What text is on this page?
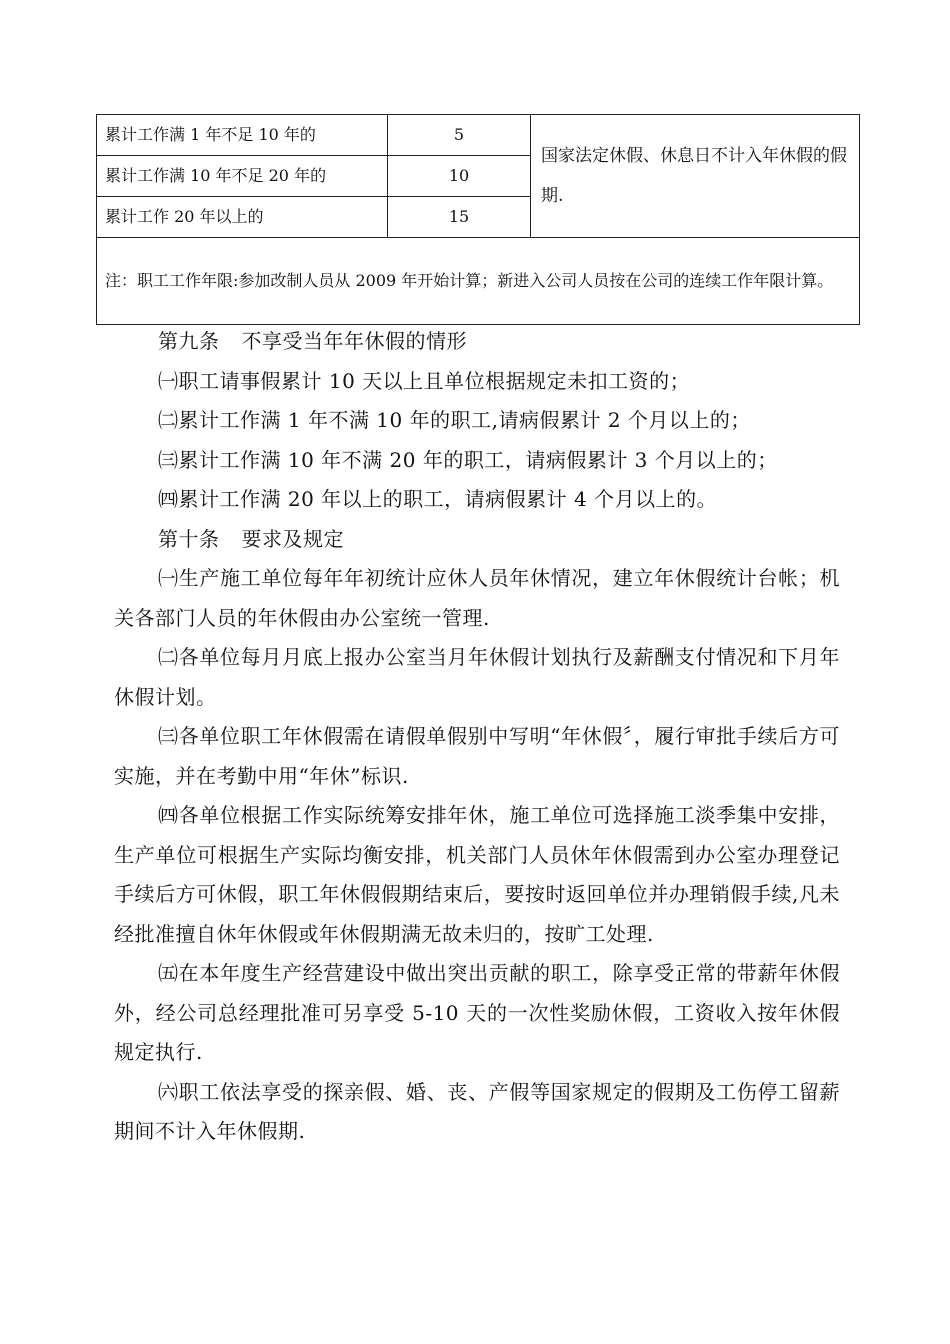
累计工作满 1 年不足 10 年的	5	国家法定休假、休息日不计入年休假的假期.
累计工作满 10 年不足 20 年的	10	
累计工作 20 年以上的	15	
注：职工工作年限:参加改制人员从 2009 年开始计算；新进入公司人员按在公司的连续工作年限计算。		

第九条 不享受当年年休假的情形

㈠职工请事假累计 10 天以上且单位根据规定未扣工资的；

㈡累计工作满 1 年不满 10 年的职工,请病假累计 2 个月以上的；

㈢累计工作满 10 年不满 20 年的职工，请病假累计 3 个月以上的；

㈣累计工作满 20 年以上的职工，请病假累计 4 个月以上的。

第十条 要求及规定

㈠生产施工单位每年年初统计应休人员年休情况，建立年休假统计台帐；机关各部门人员的年休假由办公室统一管理.

㈡各单位每月月底上报办公室当月年休假计划执行及薪酬支付情况和下月年休假计划。

㈢各单位职工年休假需在请假单假别中写明“年休假〞，履行审批手续后方可实施，并在考勤中用“年休”标识.

㈣各单位根据工作实际统筹安排年休，施工单位可选择施工淡季集中安排，生产单位可根据生产实际均衡安排，机关部门人员休年休假需到办公室办理登记手续后方可休假，职工年休假假期结束后，要按时返回单位并办理销假手续,凡未经批准擅自休年休假或年休假期满无故未归的，按旷工处理.

㈤在本年度生产经营建设中做出突出贡献的职工，除享受正常的带薪年休假外，经公司总经理批准可另享受 5-10 天的一次性奖励休假，工资收入按年休假规定执行.

㈥职工依法享受的探亲假、婚、丧、产假等国家规定的假期及工伤停工留薪期间不计入年休假期.
